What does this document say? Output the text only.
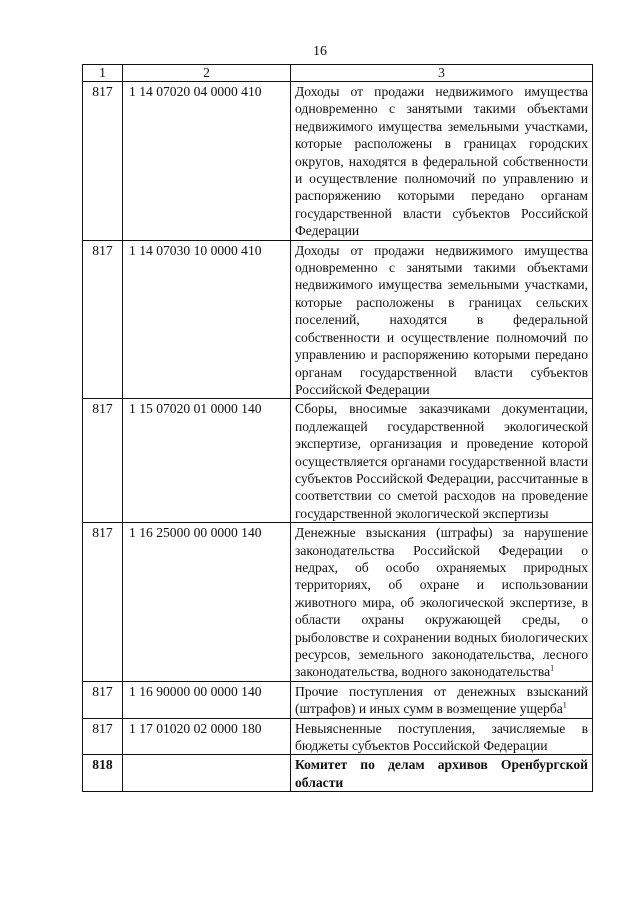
16
1	2	3
817	1 14 07020 04 0000 410	Доходы от продажи недвижимого имущества одновременно с занятыми такими объектами недвижимого имущества земельными участками, которые расположены в границах городских округов, находятся в федеральной собственности и осуществление полномочий по управлению и распоряжению которыми передано органам государственной власти субъектов Российской Федерации
817	1 14 07030 10 0000 410	Доходы от продажи недвижимого имущества одновременно с занятыми такими объектами недвижимого имущества земельными участками, которые расположены в границах сельских поселений, находятся в федеральной собственности и осуществление полномочий по управлению и распоряжению которыми передано органам государственной власти субъектов Российской Федерации
817	1 15 07020 01 0000 140	Сборы, вносимые заказчиками документации, подлежащей государственной экологической экспертизе, организация и проведение которой осуществляется органами государственной власти субъектов Российской Федерации, рассчитанные в соответствии со сметой расходов на проведение государственной экологической экспертизы
817	1 16 25000 00 0000 140	Денежные взыскания (штрафы) за нарушение законодательства Российской Федерации о недрах, об особо охраняемых природных территориях, об охране и использовании животного мира, об экологической экспертизе, в области охраны окружающей среды, о рыболовстве и сохранении водных биологических ресурсов, земельного законодательства, лесного законодательства, водного законодательства$^1$
817	1 16 90000 00 0000 140	Прочие поступления от денежных взысканий (штрафов) и иных сумм в возмещение ущерба$^1$
817	1 17 01020 02 0000 180	Невыясненные поступления, зачисляемые в бюджеты субъектов Российской Федерации
818		Комитет по делам архивов Оренбургской области
